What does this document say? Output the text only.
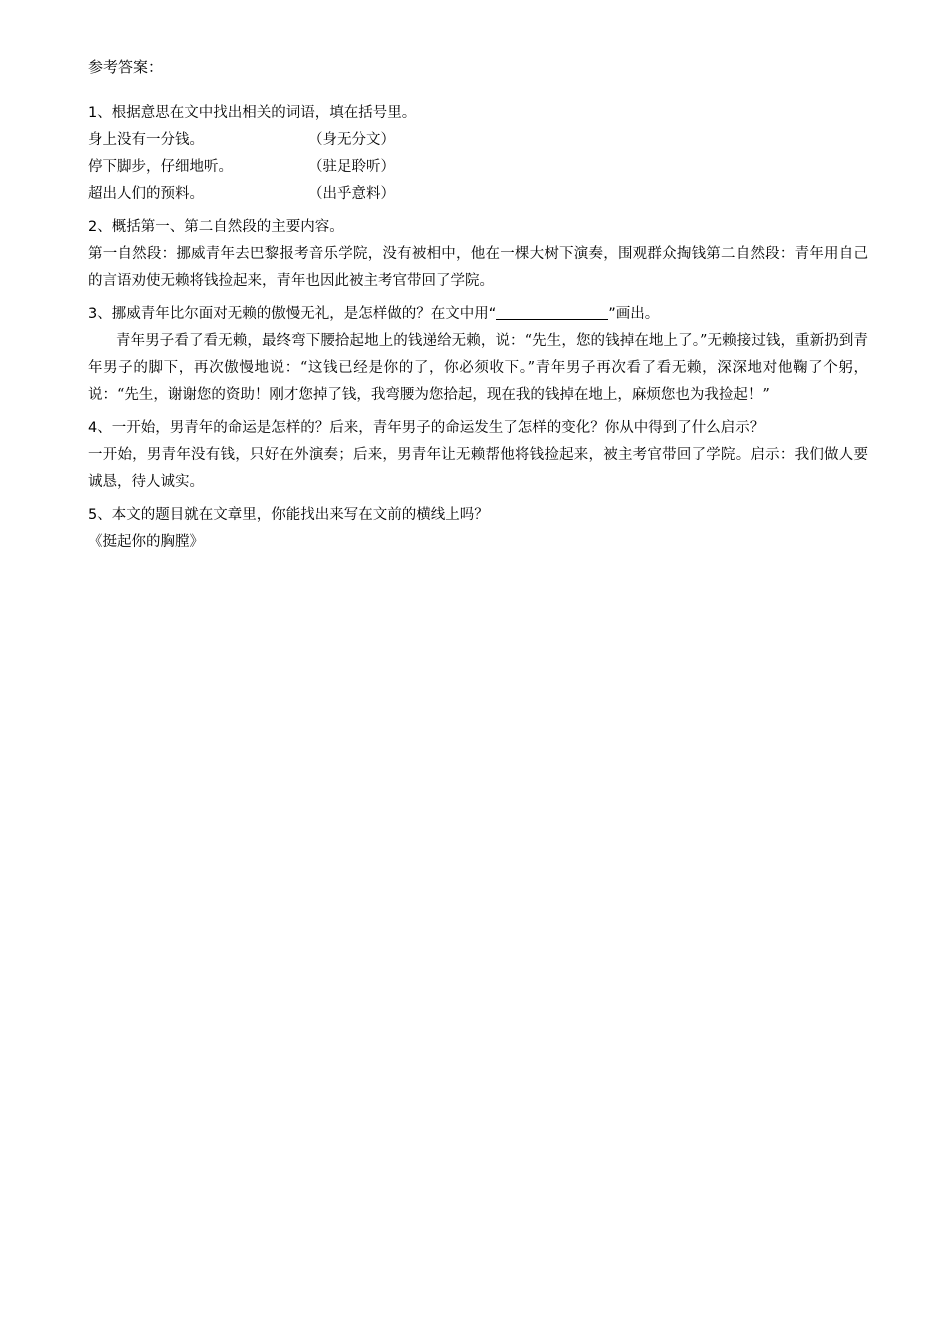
参考答案：
1、根据意思在文中找出相关的词语，填在括号里。
身上没有一分钱。	（身无分文）
停下脚步，仔细地听。	（驻足聆听）
超出人们的预料。	（出乎意料）
2、概括第一、第二自然段的主要内容。
第一自然段：挪威青年去巴黎报考音乐学院，没有被相中，他在一棵大树下演奏，围观群众掏钱第二自然段：青年用自己的言语劝使无赖将钱捡起来，青年也因此被主考官带回了学院。
3、挪威青年比尔面对无赖的傲慢无礼，是怎样做的？在文中用“	”画出。
青年男子看了看无赖，最终弯下腰拾起地上的钱递给无赖，说：“先生，您的钱掉在地上了。”无赖接过钱，重新扔到青年男子的脚下，再次傲慢地说：“这钱已经是你的了，你必须收下。”青年男子再次看了看无赖，深深地对他鞠了个躬，说：“先生，谢谢您的资助！刚才您掉了钱，我弯腰为您拾起，现在我的钱掉在地上，麻烦您也为我捡起！”
4、一开始，男青年的命运是怎样的？后来，青年男子的命运发生了怎样的变化？你从中得到了什么启示？
一开始，男青年没有钱，只好在外演奏；后来，男青年让无赖帮他将钱捡起来，被主考官带回了学院。启示：我们做人要诚恳，待人诚实。
5、本文的题目就在文章里，你能找出来写在文前的横线上吗？
《挺起你的胸膛》
